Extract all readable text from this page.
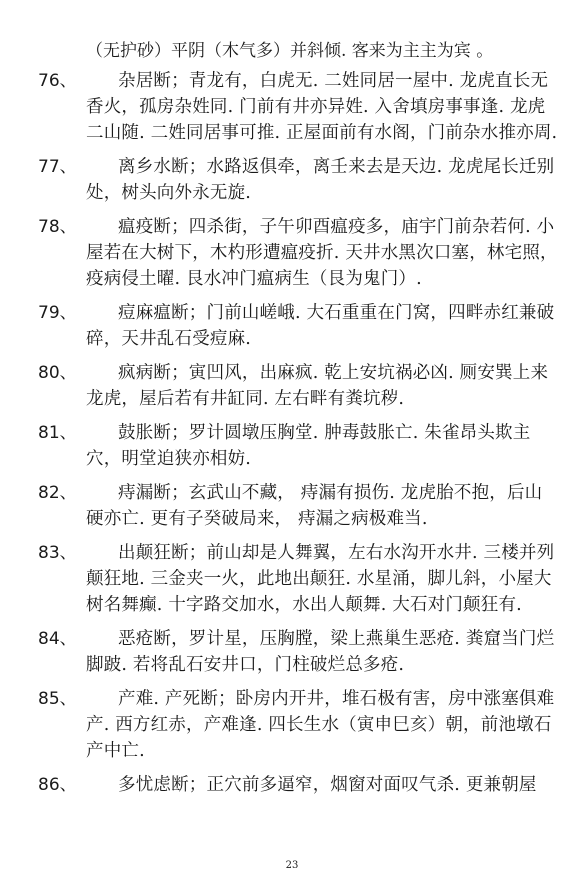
（无护砂）平阴（木气多）并斜倾. 客来为主主为宾 。
76、	杂居断；青龙有，白虎无. 二姓同居一屋中. 龙虎直长无香火，孤房杂姓同. 门前有井亦异姓. 入舍填房事事逢. 龙虎二山随. 二姓同居事可推. 正屋面前有水阁，门前杂水推亦周.
77、	离乡水断；水路返俱牵，离壬来去是天边. 龙虎尾长迁别处，树头向外永无旋.
78、	瘟疫断；四杀街，子午卯酉瘟疫多，庙宇门前杂若何. 小屋若在大树下，木杓形遭瘟疫折. 天井水黑次口塞，林宅照，疫病侵土曜. 艮水冲门瘟病生（艮为鬼门）.
79、	痘麻瘟断；门前山嵯峨. 大石重重在门窝，四畔赤红兼破碎，天井乱石受痘麻.
80、	疯病断；寅凹风，出麻疯. 乾上安坑祸必凶. 厕安巽上来龙虎，屋后若有井缸同. 左右畔有粪坑秽.
81、	鼓胀断；罗计圆墩压胸堂. 肿毒鼓胀亡. 朱雀昂头欺主穴，明堂迫狭亦相妨.
82、	痔漏断；玄武山不藏， 痔漏有损伤. 龙虎胎不抱，后山硬亦亡. 更有子癸破局来， 痔漏之病极难当.
83、	出颠狂断；前山却是人舞翼，左右水沟开水井. 三楼并列颠狂地. 三金夹一火，此地出颠狂. 水星涌，脚儿斜，小屋大树名舞癫. 十字路交加水，水出人颠舞. 大石对门颠狂有.
84、	恶疮断，罗计星，压胸膛，梁上燕巢生恶疮. 粪窟当门烂脚跛. 若将乱石安井口，门柱破烂总多疮.
85、	产难. 产死断；卧房内开井，堆石极有害，房中涨塞俱难产. 西方红赤，产难逢. 四长生水（寅申巳亥）朝，前池墩石产中亡.
86、	多忧虑断；正穴前多逼窄，烟窗对面叹气杀. 更兼朝屋
23
